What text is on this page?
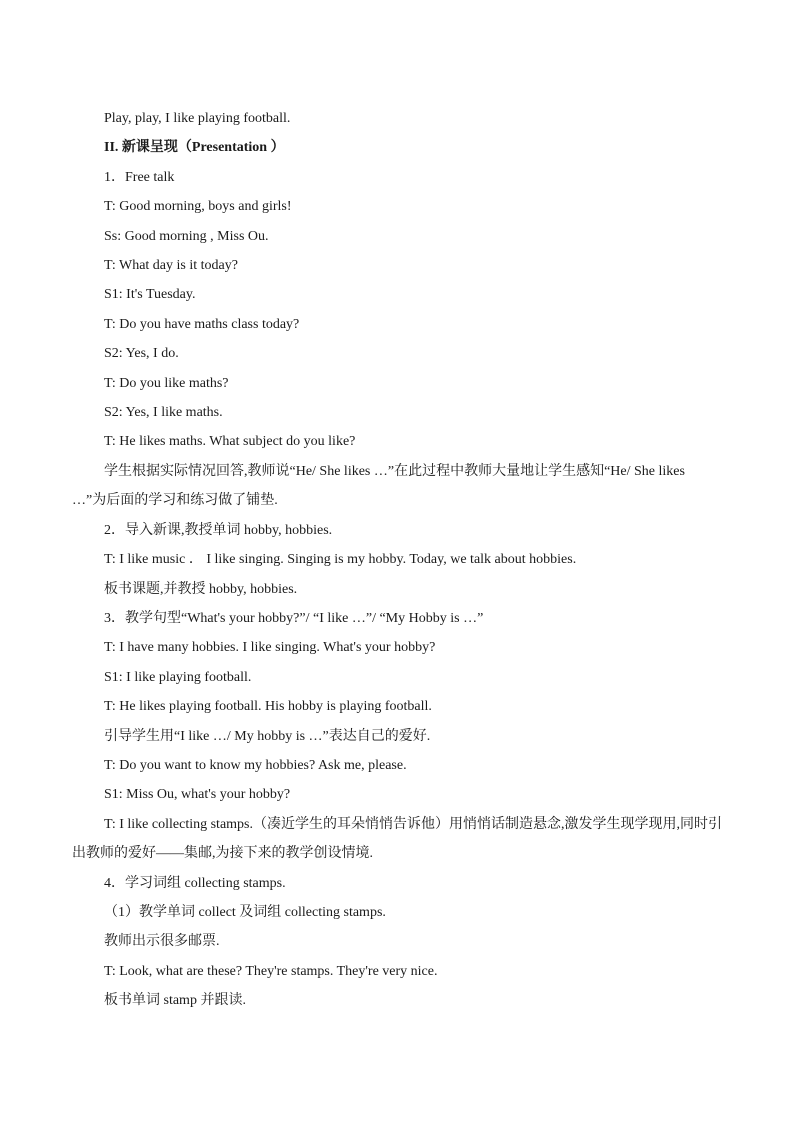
Play, play, I like playing football.

II. 新课呈现（Presentation ）

1．Free talk

T: Good morning, boys and girls!

Ss: Good morning , Miss Ou.

T: What day is it today?

S1: It's Tuesday.

T: Do you have maths class today?

S2: Yes, I do.

T: Do you like maths?

S2: Yes, I like maths.

T: He likes maths. What subject do you like?

学生根据实际情况回答,教师说“He/ She likes …”在此过程中教师大量地让学生感知“He/ She likes …”为后面的学习和练习做了铺垫.

2．导入新课,教授单词 hobby, hobbies.

T: I like music ． I like singing. Singing is my hobby. Today, we talk about hobbies.

板书课题,并教授 hobby, hobbies.

3．教学句型“What's your hobby?”/ “I like …”/ “My Hobby is …”

T: I have many hobbies. I like singing. What's your hobby?

S1: I like playing football.

T: He likes playing football. His hobby is playing football.

引导学生用“I like …/ My hobby is …”表达自己的爱好.

T: Do you want to know my hobbies? Ask me, please.

S1: Miss Ou, what's your hobby?

T: I like collecting stamps.（凑近学生的耳朵悄悄告诉他）用悄悄话制造悬念,激发学生现学现用,同时引出教师的爱好——集邮,为接下来的教学创设情境.

4．学习词组 collecting stamps.

（1）教学单词 collect 及词组 collecting stamps.

教师出示很多邮票.

T: Look, what are these? They're stamps. They're very nice.

板书单词 stamp 并跟读.
